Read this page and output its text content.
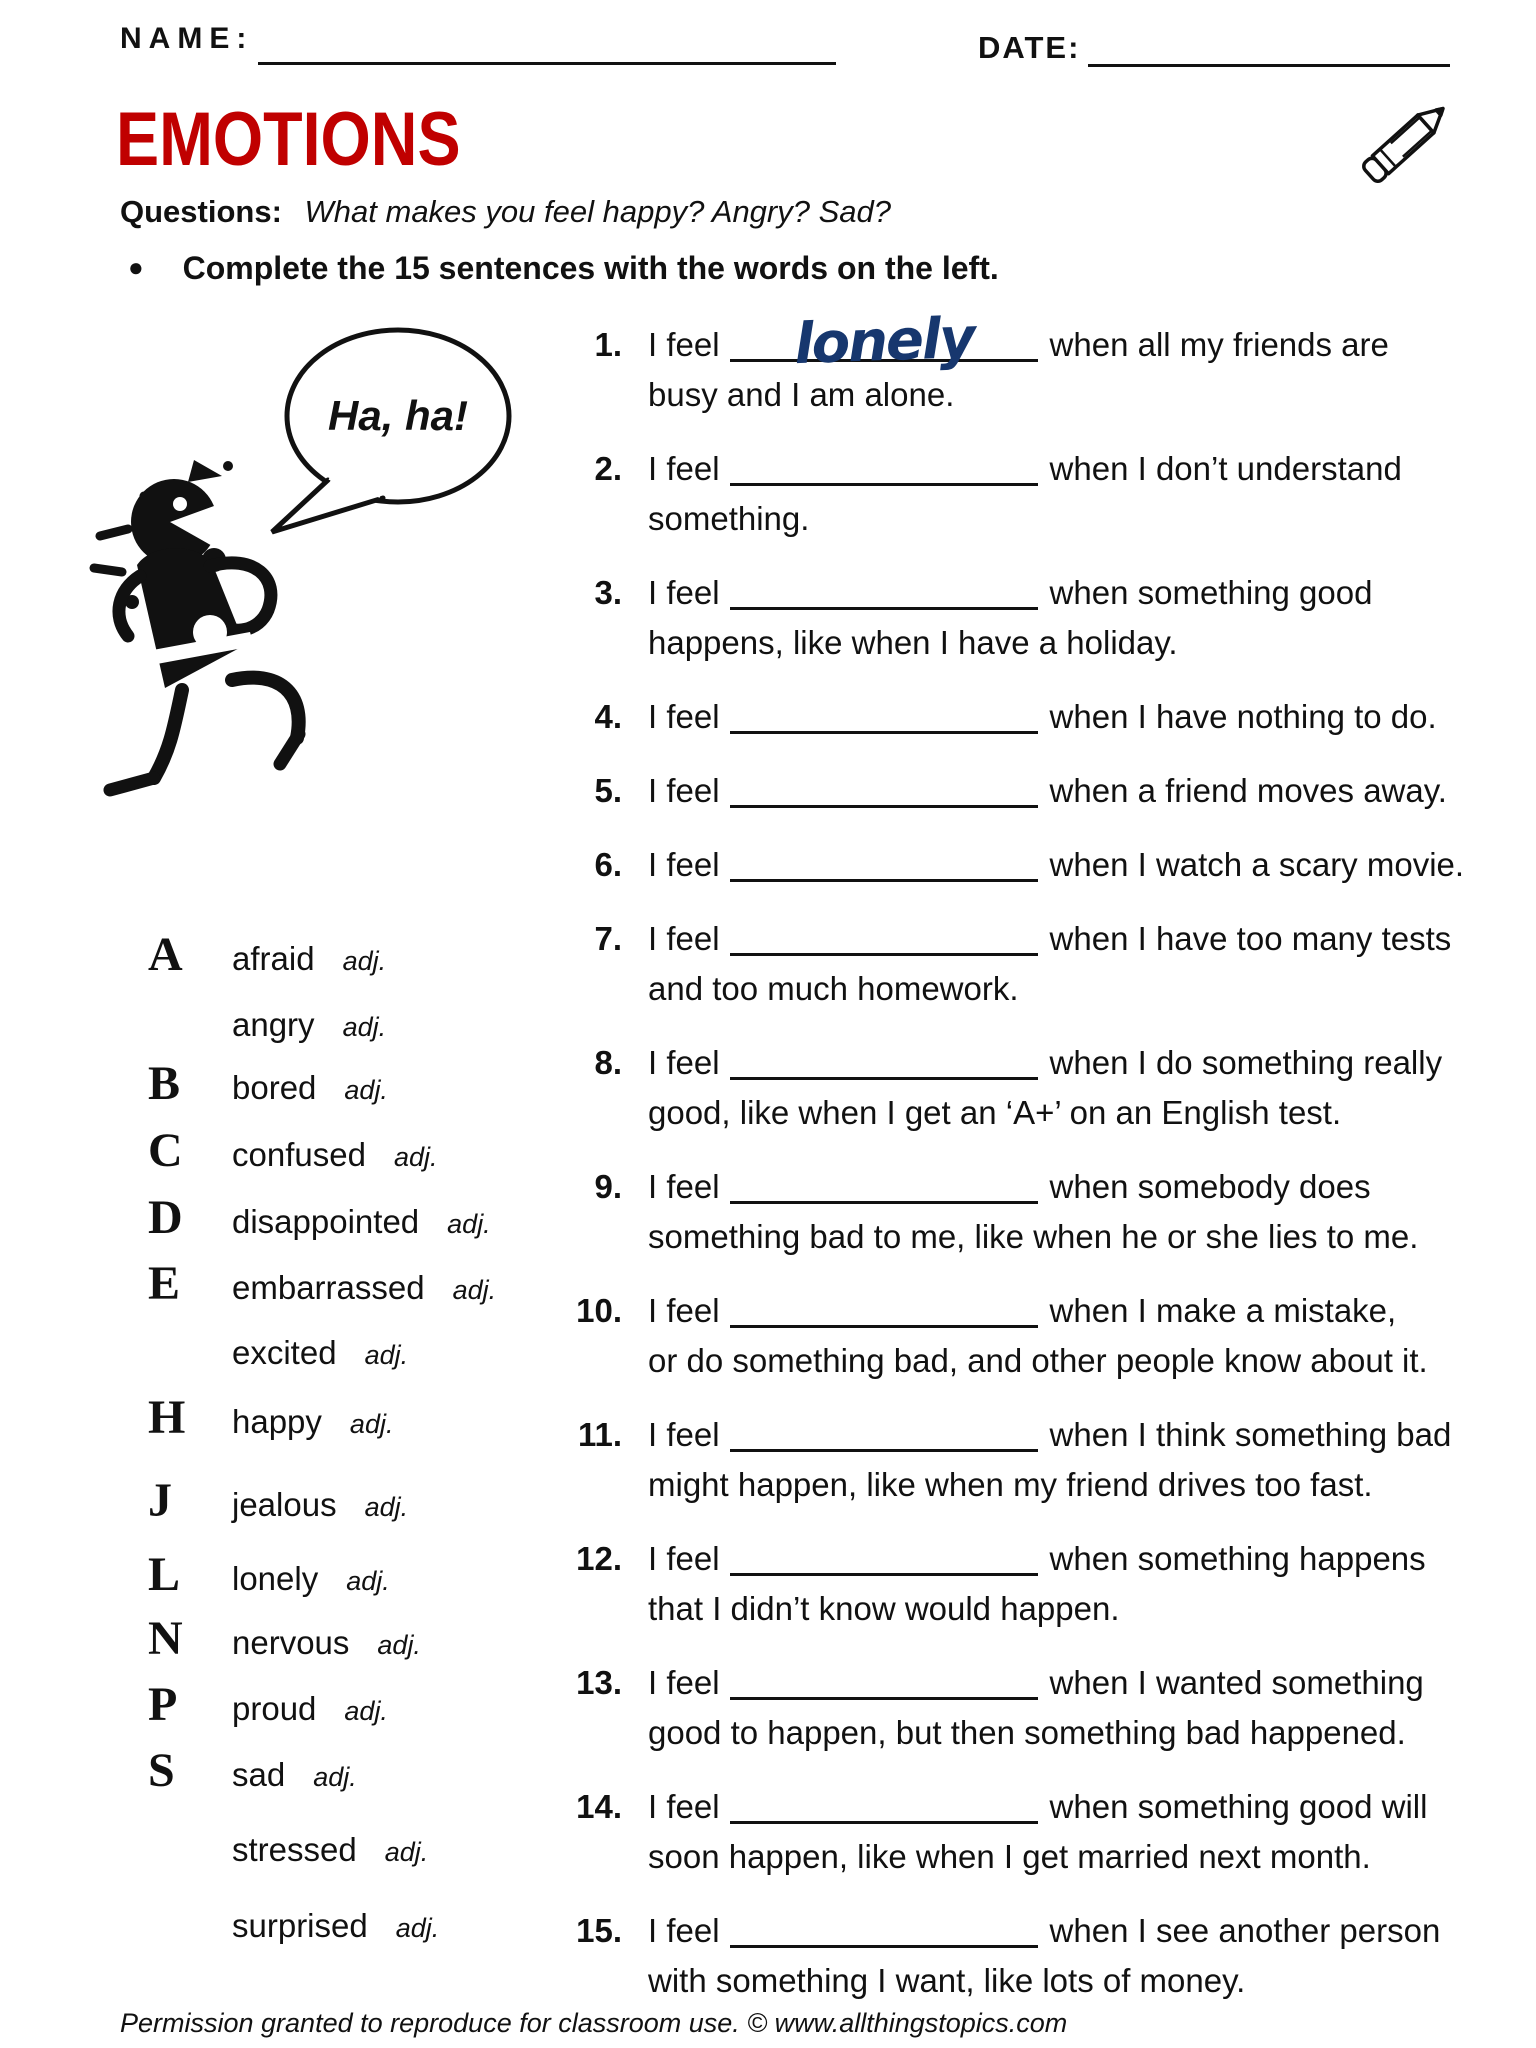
NAME:	DATE:
EMOTIONS
Questions: What makes you feel happy? Angry? Sad?
● Complete the 15 sentences with the words on the left.
Ha, ha!
A afraid adj.
angry adj.
B bored adj.
C confused adj.
D disappointed adj.
E embarrassed adj.
excited adj.
H happy adj.
J jealous adj.
L lonely adj.
N nervous adj.
P proud adj.
S sad adj.
stressed adj.
surprised adj.
1. I feel	lonely	when all my friends are
busy and I am alone.
2. I feel	when I don’t understand
something.
3. I feel	when something good
happens, like when I have a holiday.
4. I feel	when I have nothing to do.
5. I feel	when a friend moves away.
6. I feel	when I watch a scary movie.
7. I feel	when I have too many tests
and too much homework.
8. I feel	when I do something really
good, like when I get an ‘A+’ on an English test.
9. I feel	when somebody does
something bad to me, like when he or she lies to me.
10. I feel	when I make a mistake,
or do something bad, and other people know about it.
11. I feel	when I think something bad
might happen, like when my friend drives too fast.
12. I feel	when something happens
that I didn’t know would happen.
13. I feel	when I wanted something
good to happen, but then something bad happened.
14. I feel	when something good will
soon happen, like when I get married next month.
15. I feel	when I see another person
with something I want, like lots of money.
Permission granted to reproduce for classroom use. © www.allthingstopics.com
